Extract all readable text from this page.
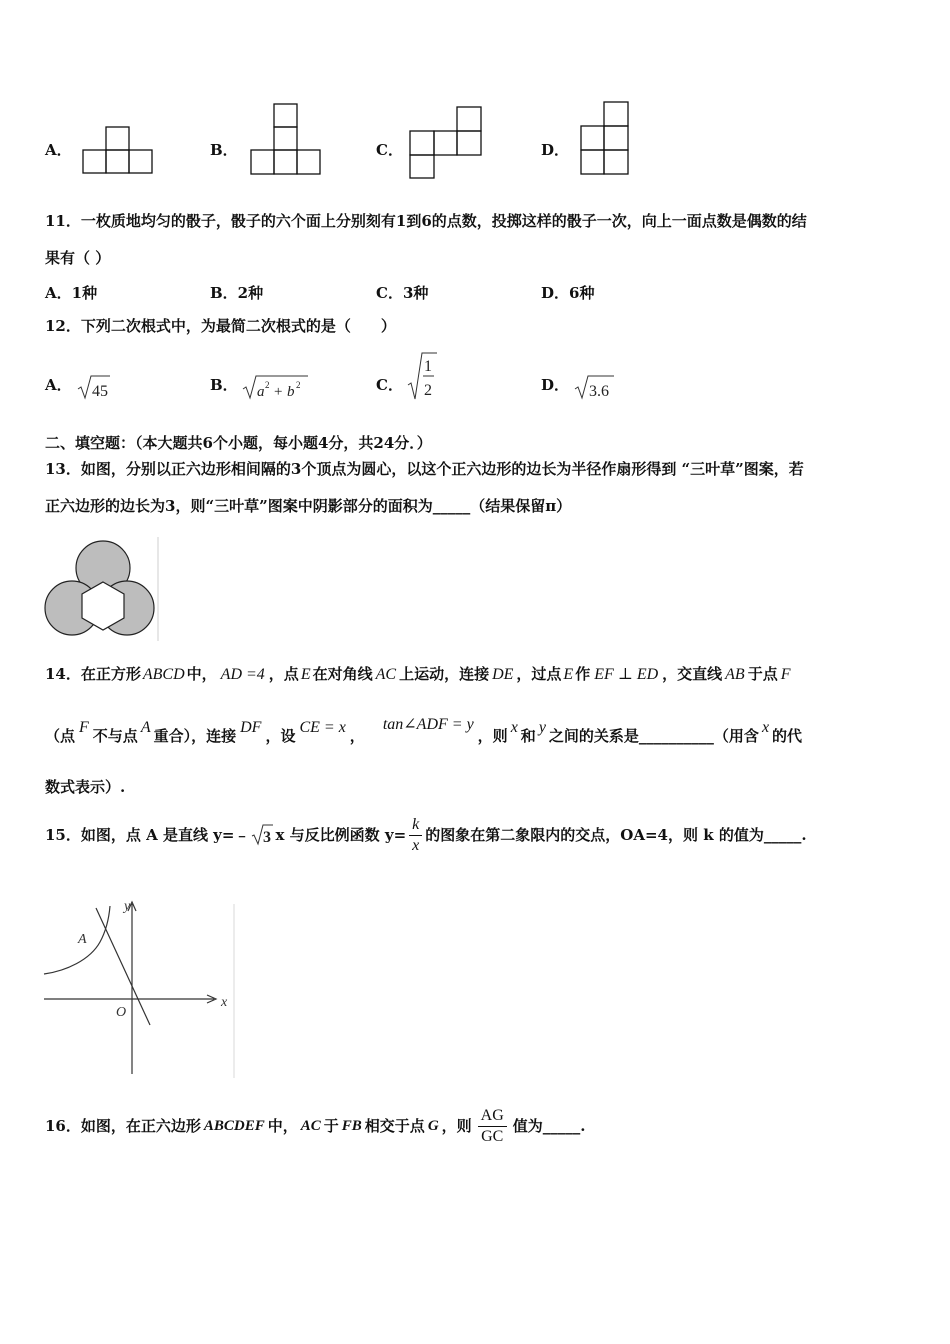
A．	B．	C．	D．
11．一枚质地均匀的骰子，骰子的六个面上分别刻有1到6的点数，投掷这样的骰子一次，向上一面点数是偶数的结
果有（ ）
A．1种	B．2种	C．3种	D．6种
12．下列二次根式中，为最简二次根式的是（　　）
A． 45	B． a 2 + b 2	C．
1
2	D． 3.6
二、填空题：（本大题共6个小题，每小题4分，共24分．）
13．如图，分别以正六边形相间隔的3个顶点为圆心，以这个正六边形的边长为半径作扇形得到 “三叶草”图案，若
正六边形的边长为3，则“三叶草”图案中阴影部分的面积为_____（结果保留π）
14．在正方形 ABCD 中， AD =4 ，点 E 在对角线 AC 上运动，连接 DE ，过点 E 作 EF ⊥ ED ，交直线 AB 于点 F
（点 F 不与点 A 重合），连接 DF ，设 CE = x ，tan∠ADF = y，则 x 和 y 之间的关系是__________（用含 x 的代
数式表示）.
15．如图，点 A 是直线 y=﹣ 3 x 与反比例函数 $y= \frac{k}{x}$ 的图象在第二象限内的交点，OA=4，则 k 的值为_____.
y
x
O
A
16．如图，在正六边形 ABCDEF 中， AC 于 FB 相交于点 G ，则 $\frac{AG}{GC}$ 值为_____.
